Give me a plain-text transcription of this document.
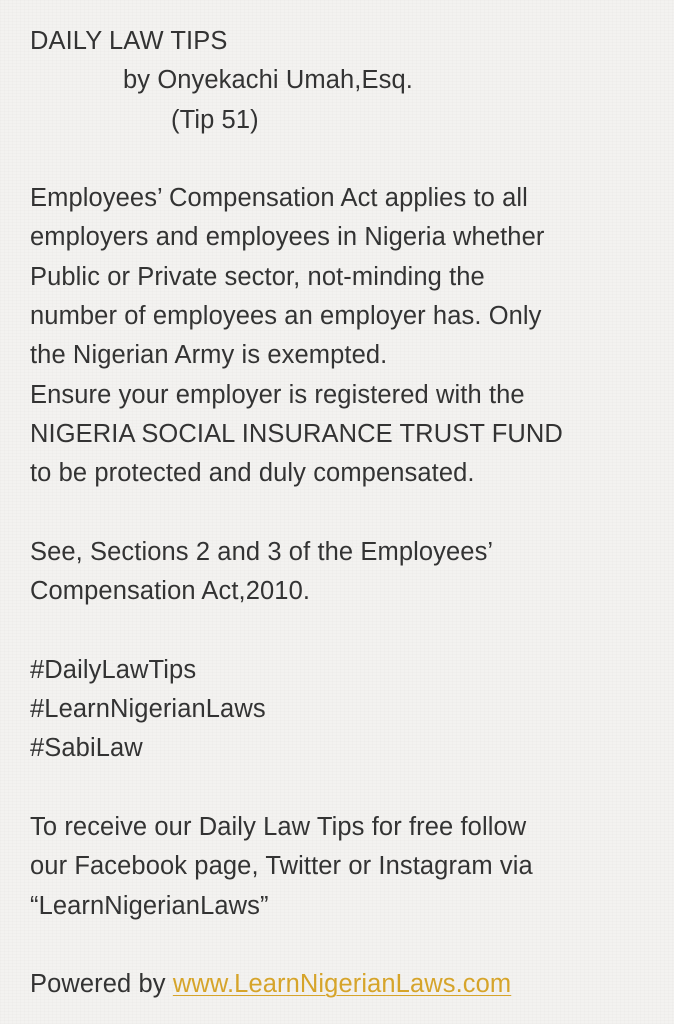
DAILY LAW TIPS
by Onyekachi Umah,Esq.
(Tip 51)
Employees’ Compensation Act applies to all
employers and employees in Nigeria whether
Public or Private sector, not-minding the
number of employees an employer has. Only
the Nigerian Army is exempted.
Ensure your employer is registered with the
NIGERIA SOCIAL INSURANCE TRUST FUND
to be protected and duly compensated.
See, Sections 2 and 3 of the Employees’
Compensation Act,2010.
#DailyLawTips
#LearnNigerianLaws
#SabiLaw
To receive our Daily Law Tips for free follow
our Facebook page, Twitter or Instagram via
“LearnNigerianLaws”
Powered by www.LearnNigerianLaws.com
